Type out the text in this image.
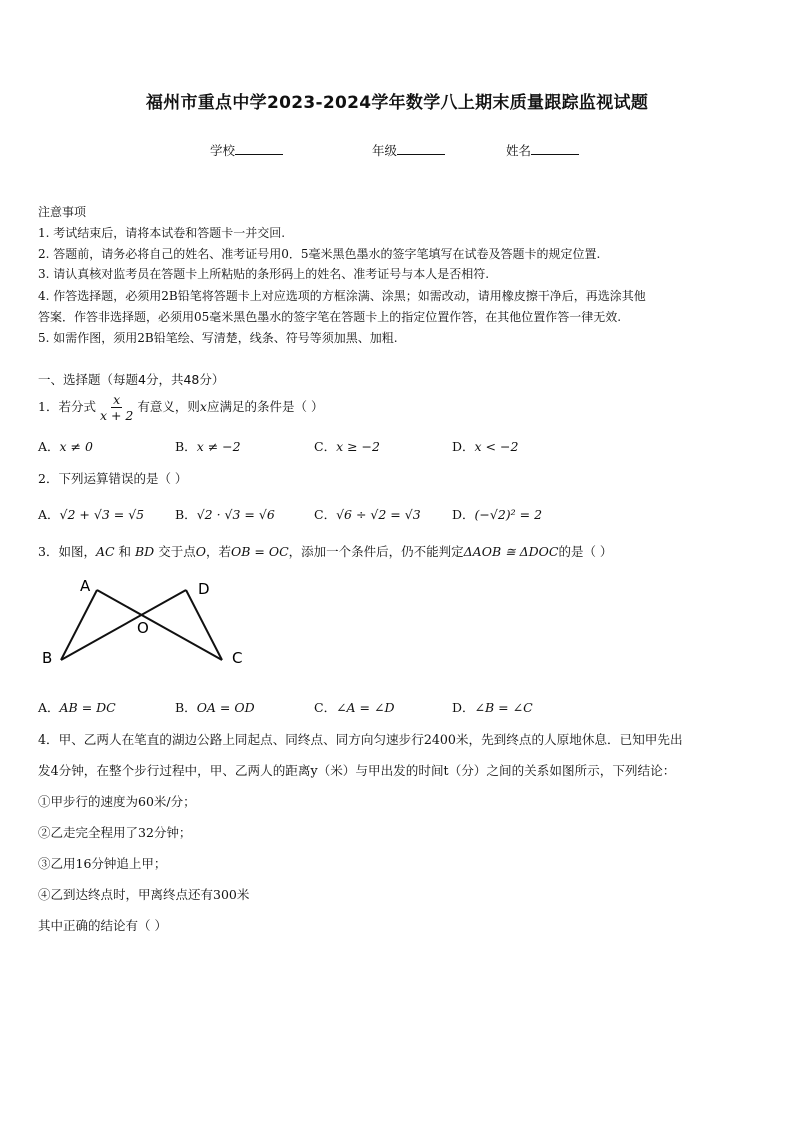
福州市重点中学2023-2024学年数学八上期末质量跟踪监视试题
学校	年级	姓名
注意事项
1. 考试结束后，请将本试卷和答题卡一并交回.
2. 答题前，请务必将自己的姓名、准考证号用0．5毫米黑色墨水的签字笔填写在试卷及答题卡的规定位置.
3. 请认真核对监考员在答题卡上所粘贴的条形码上的姓名、准考证号与本人是否相符.
4. 作答选择题，必须用2B铅笔将答题卡上对应选项的方框涂满、涂黑；如需改动，请用橡皮擦干净后，再选涂其他
答案．作答非选择题，必须用05毫米黑色墨水的签字笔在答题卡上的指定位置作答，在其他位置作答一律无效.
5. 如需作图，须用2B铅笔绘、写清楚，线条、符号等须加黑、加粗.
一、选择题（每题4分，共48分）
1．若分式 $\frac{x}{x + 2}$ 有意义，则x应满足的条件是（ ）
A．x ≠ 0	B．x ≠ −2	C．x ≥ −2	D．x < −2
2．下列运算错误的是（ ）
A．√2 + √3 = √5 B．√2 · √3 = √6	C．√6 ÷ √2 = √3	D．(−√2)² = 2
3．如图，AC 和 BD 交于点O，若OB = OC，添加一个条件后，仍不能判定ΔAOB ≅ ΔDOC的是（ ）
A	D
O
B	C
A．AB = DC	B．OA = OD	C．∠A = ∠D	D．∠B = ∠C
4．甲、乙两人在笔直的湖边公路上同起点、同终点、同方向匀速步行2400米，先到终点的人原地休息．已知甲先出
发4分钟，在整个步行过程中，甲、乙两人的距离y（米）与甲出发的时间t（分）之间的关系如图所示，下列结论：
①甲步行的速度为60米/分；
②乙走完全程用了32分钟；
③乙用16分钟追上甲；
④乙到达终点时，甲离终点还有300米
其中正确的结论有（ ）
